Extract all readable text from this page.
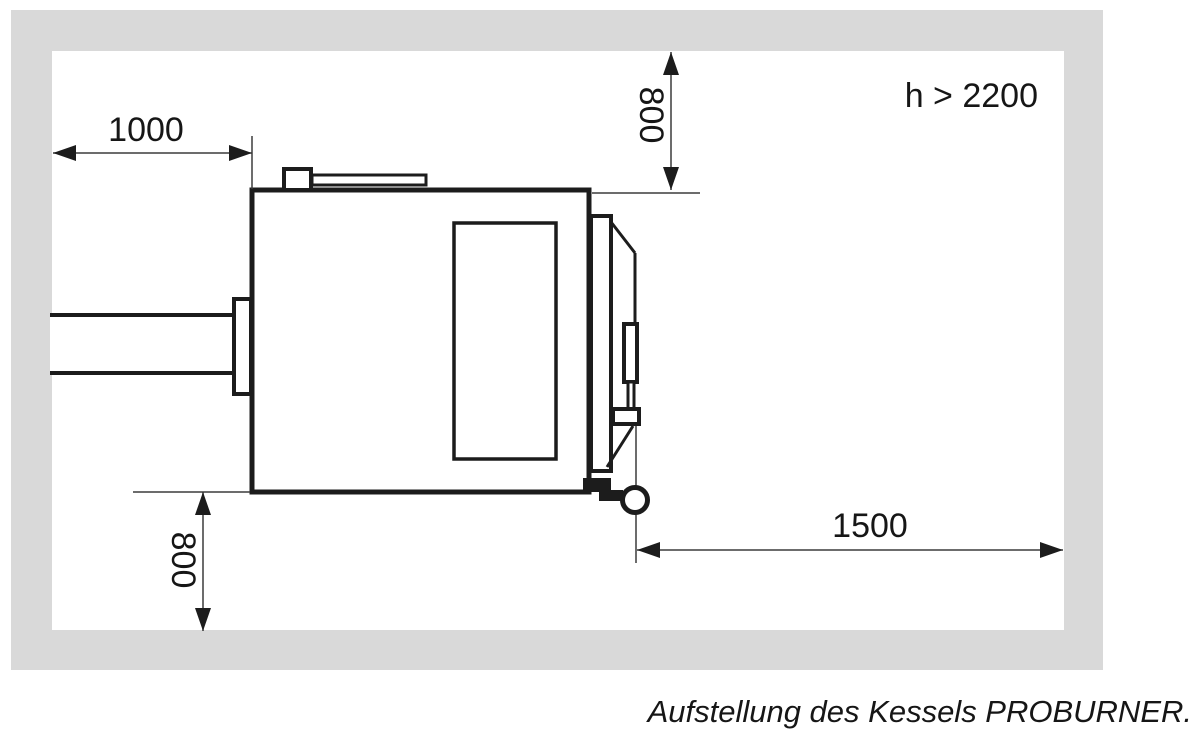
1000	800
800
1500
h > 2200
Aufstellung des Kessels PROBURNER.
